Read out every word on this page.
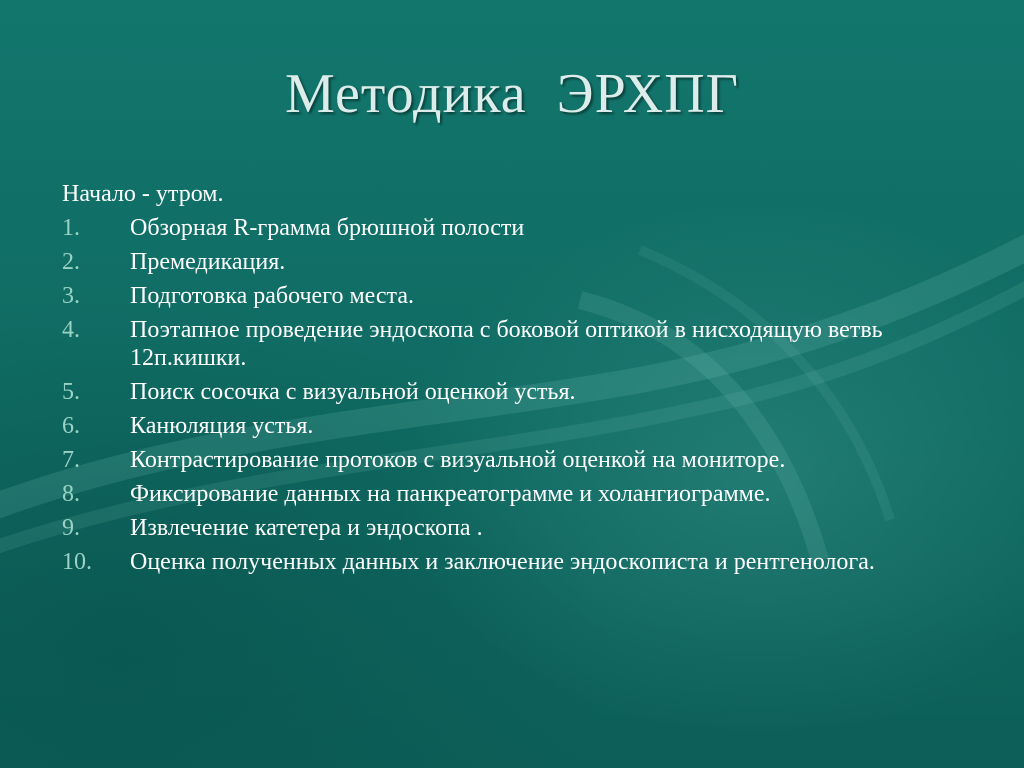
Методика  ЭРХПГ
Начало - утром.
1. Обзорная R-грамма брюшной полости
2. Премедикация.
3. Подготовка рабочего места.
4. Поэтапное проведение эндоскопа с боковой оптикой в нисходящую ветвь 12п.кишки.
5. Поиск сосочка с визуальной оценкой устья.
6. Канюляция устья.
7. Контрастирование протоков с визуальной оценкой на мониторе.
8. Фиксирование данных на панкреатограмме и холангиограмме.
9. Извлечение катетера и эндоскопа .
10. Оценка полученных данных и заключение эндоскописта и рентгенолога.
